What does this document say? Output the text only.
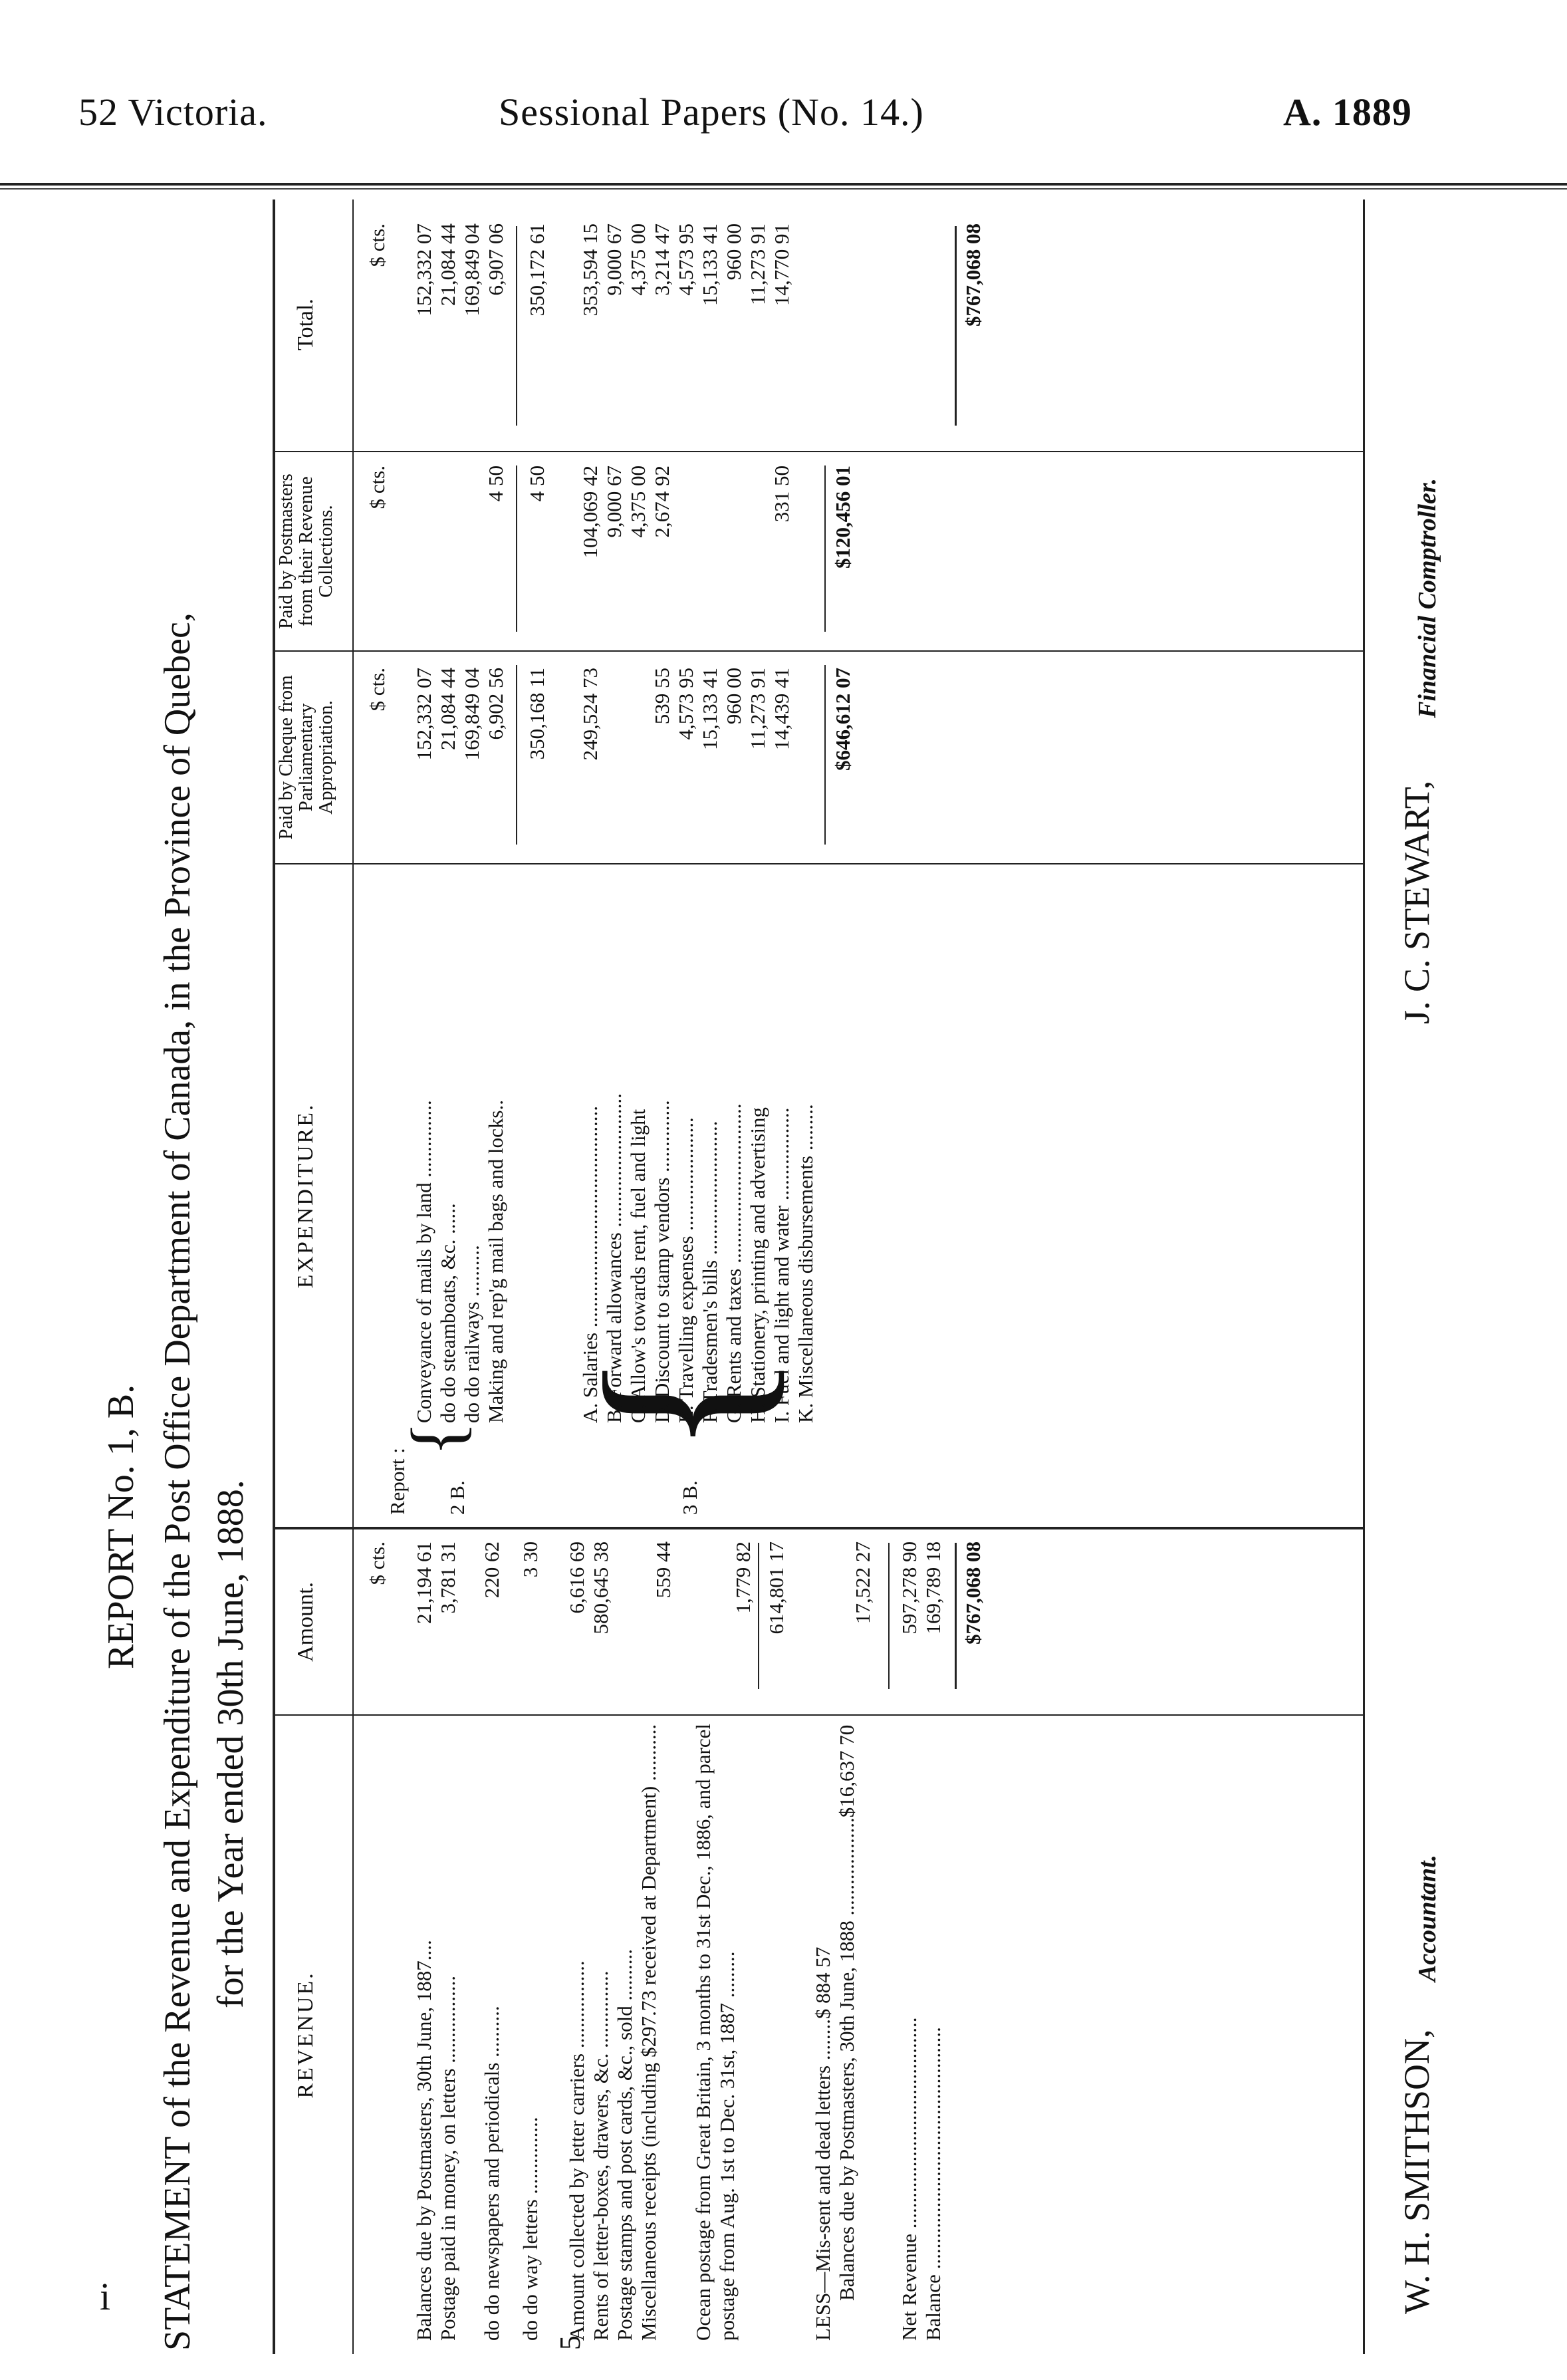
52 Victoria.	Sessional Papers (No. 14.)	A. 1889
REPORT No. 1, B. STATEMENT of the Revenue and Expenditure of the Post Office Department of Canada, in the Province of Quebec, for the Year ended 30th June, 1888.
REVENUE.
Amount.
EXPENDITURE.
Paid by Cheque from Parliamentary Appropriation.
Paid by Postmasters from their Revenue Collections.
Total.
$ cts.
$ cts.
$ cts.
$ cts.
Balances due by Postmasters, 30th June, 1887....
21,194 61
Postage paid in money, on letters .................
3,781 31
do do newspapers and periodicals ..........
220 62
do do way letters ...............
3 30
Amount collected by letter carriers .................
6,616 69
Rents of letter-boxes, drawers, &c. ............... Postage stamps and post cards, &c., sold ..........
580,645 38
Miscellaneous receipts (including $297.73 received at Department) ...........
559 44
Ocean postage from Great Britain, 3 months to 31st Dec., 1886, and parcel postage from Aug. 1st to Dec. 31st, 1887 .........
1,779 82 614,801 17
LESS—Mis-sent and dead letters ........$ 884 57 Balances due by Postmasters, 30th June, 1888 ...................$16,637 70
17,522 27
Net Revenue .........................................
597,278 90
Balance ...............................................
169,789 18 $767,068 08
5
Report : 2 B.
{
Conveyance of mails by land ...............
152,332 07
152,332 07
do do steamboats, &c. ......
21,084 44
21,084 44
do do railways ..........
169,849 04
169,849 04
Making and rep'g mail bags and locks..
6,902 56
4 50
6,907 06
350,168 11
4 50
350,172 61
3 B.
{
A. Salaries ...........................................
249,524 73
104,069 42
353,594 15
B. Forward allowances ..........................
9,000 67
9,000 67
C. Allow's towards rent, fuel and light
4,375 00
4,375 00
D. Discount to stamp vendors ..............
539 55
2,674 92
3,214 47
E. Travelling expenses ......................
4,573 95
4,573 95
F. Tradesmen's bills ..........................
15,133 41
15,133 41
G. Rents and taxes ...............................
960 00
960 00
H. Stationery, printing and advertising
11,273 91
11,273 91
I. Fuel and light and water ..................
14,439 41
331 50
14,770 91
K. Miscellaneous disbursements .........
$646,612 07
$120,456 01
$767,068 08
W. H. SMITHSON,
Accountant.
J. C. STEWART,
Financial Comptroller.
i
